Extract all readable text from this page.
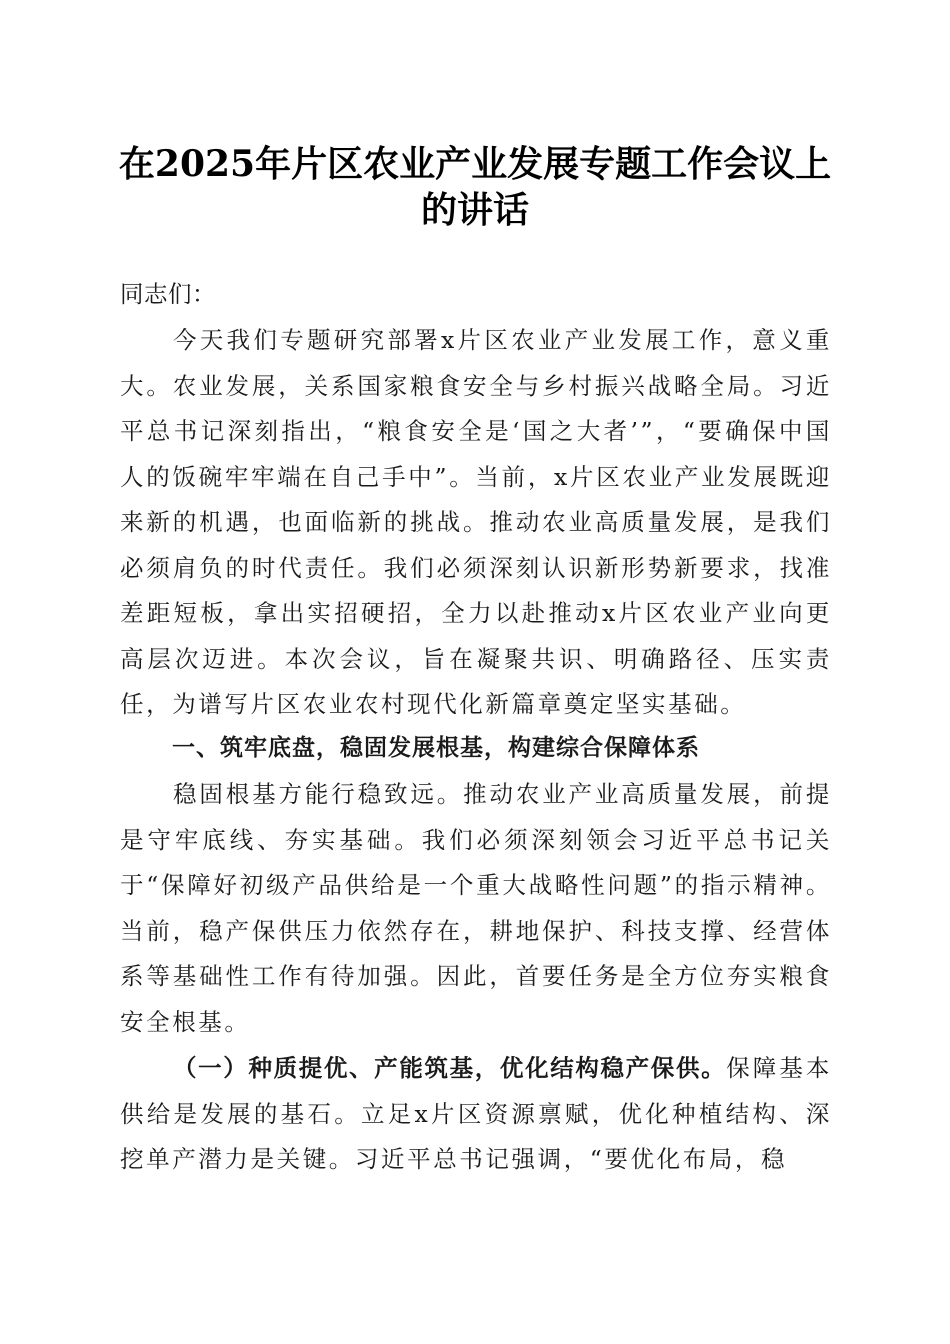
在2025年片区农业产业发展专题工作会议上
的讲话

同志们：

今天我们专题研究部署x片区农业产业发展工作，意义重大。农业发展，关系国家粮食安全与乡村振兴战略全局。习近平总书记深刻指出，“粮食安全是‘国之大者’”，“要确保中国人的饭碗牢牢端在自己手中”。当前，x片区农业产业发展既迎来新的机遇，也面临新的挑战。推动农业高质量发展，是我们必须肩负的时代责任。我们必须深刻认识新形势新要求，找准差距短板，拿出实招硬招，全力以赴推动x片区农业产业向更高层次迈进。本次会议，旨在凝聚共识、明确路径、压实责任，为谱写片区农业农村现代化新篇章奠定坚实基础。

一、筑牢底盘，稳固发展根基，构建综合保障体系

稳固根基方能行稳致远。推动农业产业高质量发展，前提是守牢底线、夯实基础。我们必须深刻领会习近平总书记关于“保障好初级产品供给是一个重大战略性问题”的指示精神。当前，稳产保供压力依然存在，耕地保护、科技支撑、经营体系等基础性工作有待加强。因此，首要任务是全方位夯实粮食安全根基。

（一）种质提优、产能筑基，优化结构稳产保供。保障基本供给是发展的基石。立足x片区资源禀赋，优化种植结构、深挖单产潜力是关键。习近平总书记强调，“要优化布局，稳
